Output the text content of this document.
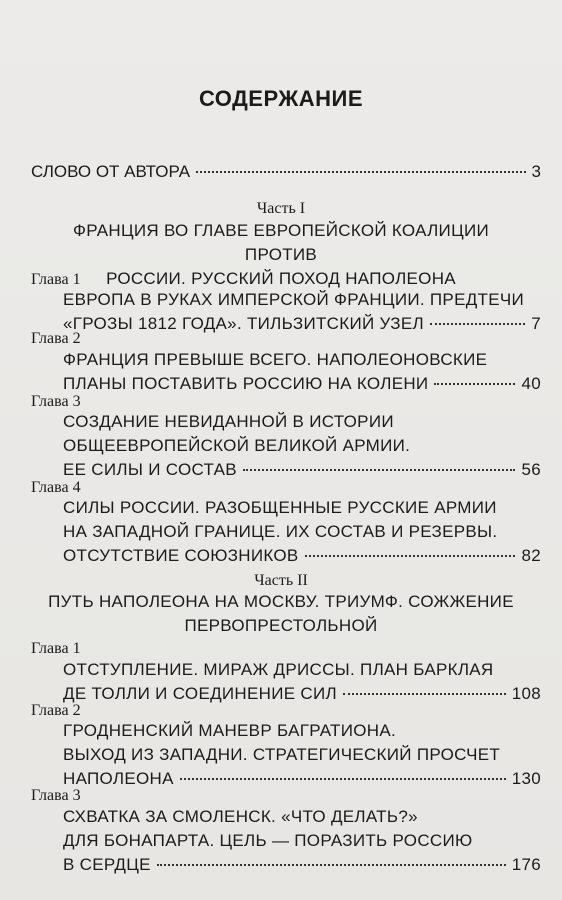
СОДЕРЖАНИЕ
СЛОВО ОТ АВТОРА	3
Часть I
ФРАНЦИЯ ВО ГЛАВЕ ЕВРОПЕЙСКОЙ КОАЛИЦИИ ПРОТИВ
РОССИИ. РУССКИЙ ПОХОД НАПОЛЕОНА
Глава 1
ЕВРОПА В РУКАХ ИМПЕРСКОЙ ФРАНЦИИ. ПРЕДТЕЧИ
«ГРОЗЫ 1812 ГОДА». ТИЛЬЗИТСКИЙ УЗЕЛ	7
Глава 2
ФРАНЦИЯ ПРЕВЫШЕ ВСЕГО. НАПОЛЕОНОВСКИЕ
ПЛАНЫ ПОСТАВИТЬ РОССИЮ НА КОЛЕНИ	40
Глава 3
СОЗДАНИЕ НЕВИДАННОЙ В ИСТОРИИ
ОБЩЕЕВРОПЕЙСКОЙ ВЕЛИКОЙ АРМИИ.
ЕЕ СИЛЫ И СОСТАВ	56
Глава 4
СИЛЫ РОССИИ. РАЗОБЩЕННЫЕ РУССКИЕ АРМИИ
НА ЗАПАДНОЙ ГРАНИЦЕ. ИХ СОСТАВ И РЕЗЕРВЫ.
ОТСУТСТВИЕ СОЮЗНИКОВ	82
Часть II
ПУТЬ НАПОЛЕОНА НА МОСКВУ. ТРИУМФ. СОЖЖЕНИЕ
ПЕРВОПРЕСТОЛЬНОЙ
Глава 1
ОТСТУПЛЕНИЕ. МИРАЖ ДРИССЫ. ПЛАН БАРКЛАЯ
ДЕ ТОЛЛИ И СОЕДИНЕНИЕ СИЛ	108
Глава 2
ГРОДНЕНСКИЙ МАНЕВР БАГРАТИОНА.
ВЫХОД ИЗ ЗАПАДНИ. СТРАТЕГИЧЕСКИЙ ПРОСЧЕТ
НАПОЛЕОНА	130
Глава 3
СХВАТКА ЗА СМОЛЕНСК. «ЧТО ДЕЛАТЬ?»
ДЛЯ БОНАПАРТА. ЦЕЛЬ — ПОРАЗИТЬ РОССИЮ
В СЕРДЦЕ	176
